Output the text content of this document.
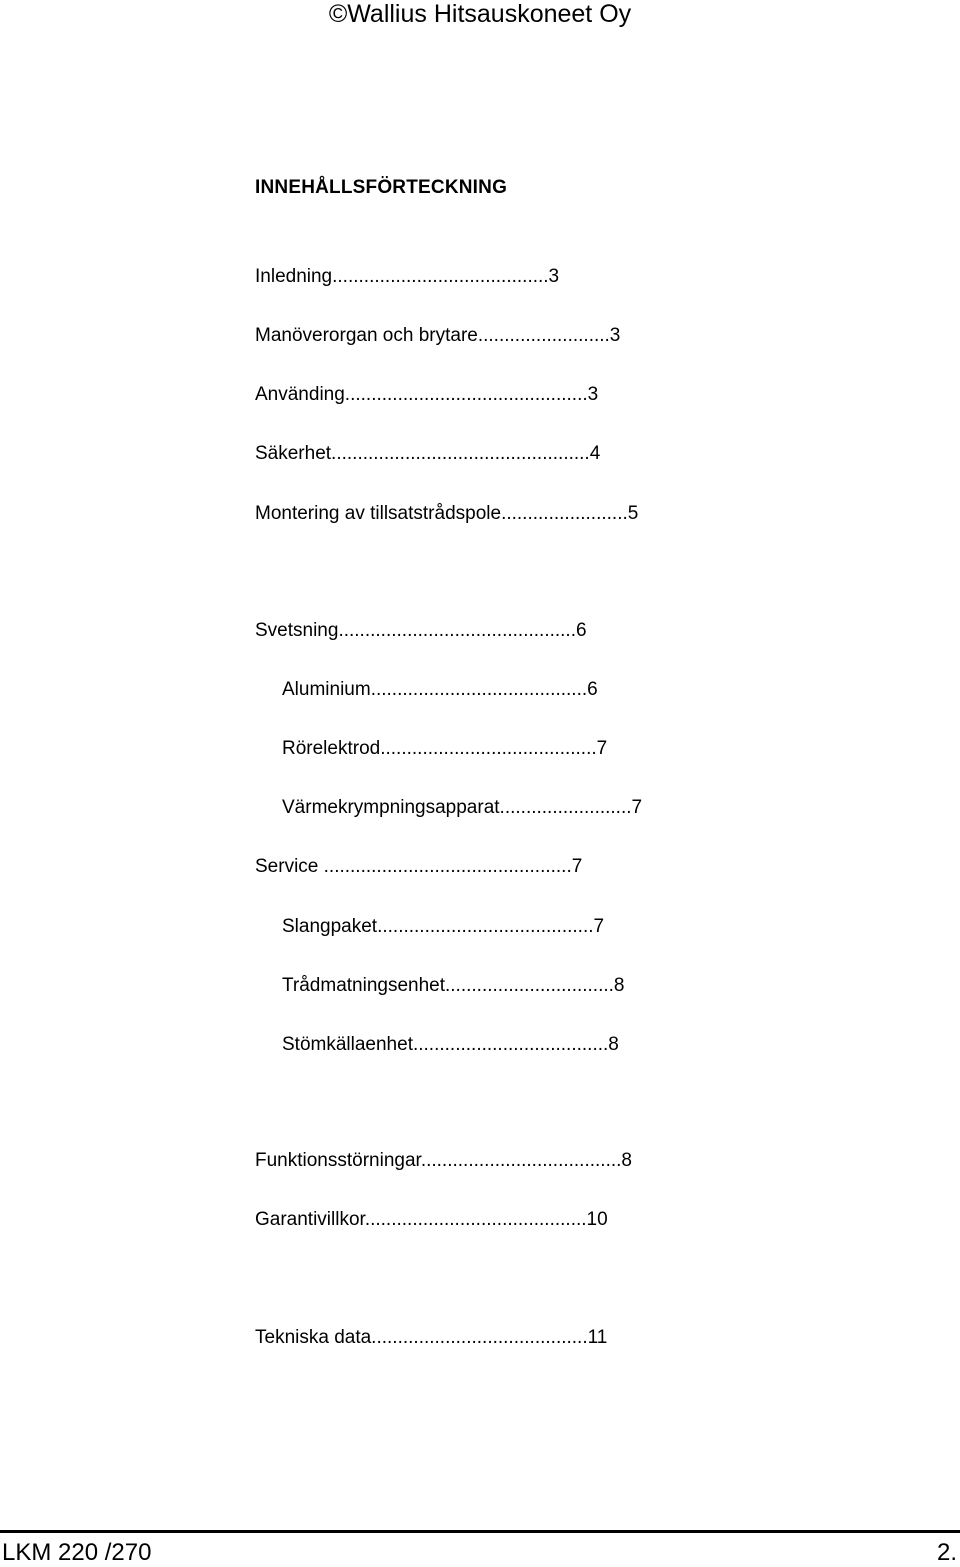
©Wallius Hitsauskoneet Oy
INNEHÅLLSFÖRTECKNING
Inledning.........................................3
Manöverorgan och brytare.........................3
Använding..............................................3
Säkerhet.................................................4
Montering av tillsatstrådspole........................5
Svetsning.............................................6
Aluminium.........................................6
Rörelektrod.........................................7
Värmekrympningsapparat.........................7
Service ...............................................7
Slangpaket.........................................7
Trådmatningsenhet................................8
Stömkällaenhet.....................................8
Funktionsstörningar......................................8
Garantivillkor..........................................10
Tekniska data.........................................11
LKM 220 /270	2.
